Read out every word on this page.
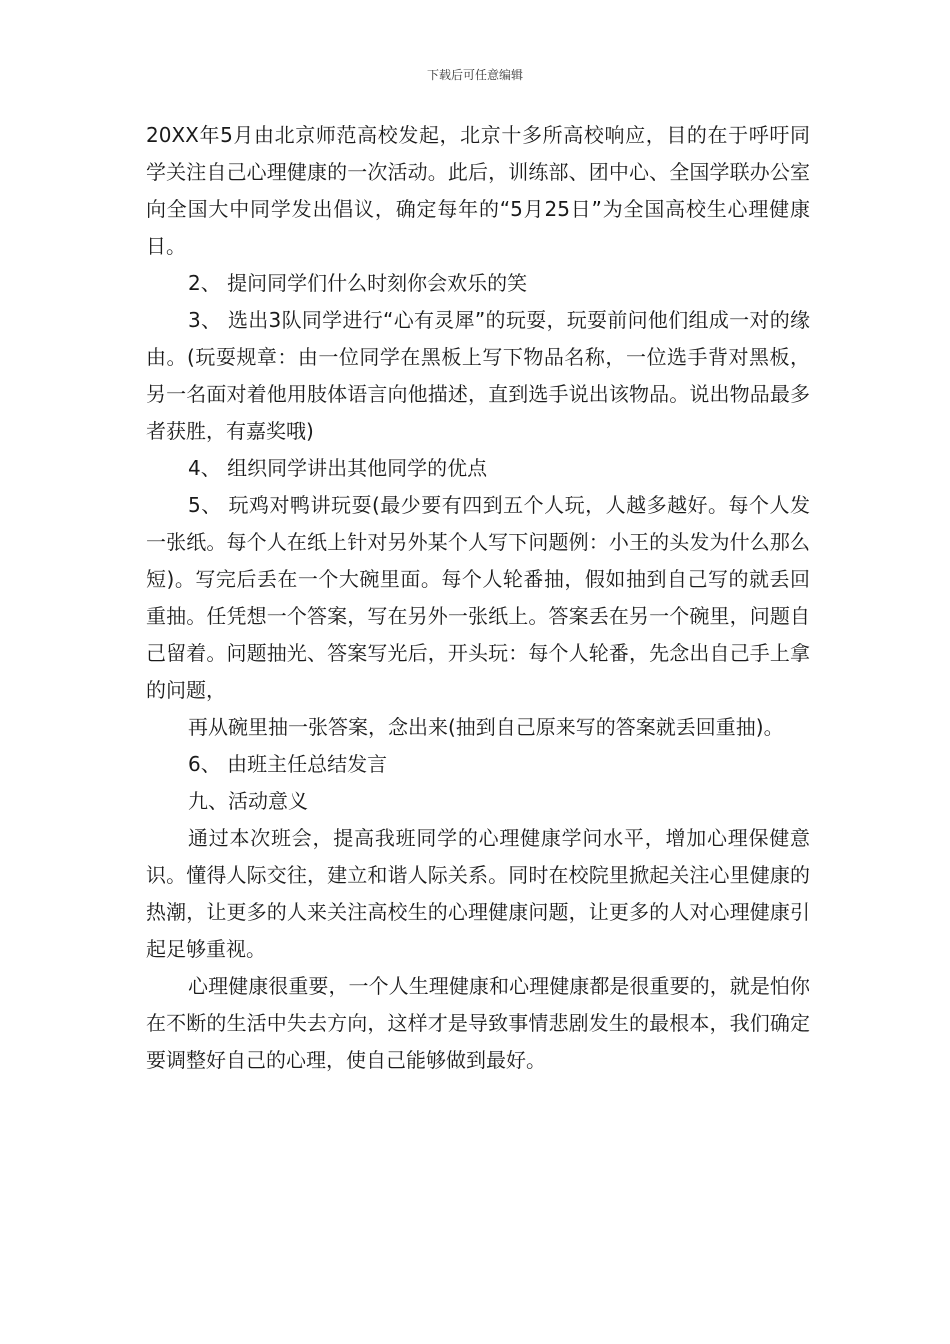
下载后可任意编辑

20XX年5月由北京师范高校发起，北京十多所高校响应，目的在于呼吁同学关注自己心理健康的一次活动。此后，训练部、团中心、全国学联办公室向全国大中同学发出倡议，确定每年的“5月25日”为全国高校生心理健康日。

2、 提问同学们什么时刻你会欢乐的笑

3、 选出3队同学进行“心有灵犀”的玩耍，玩耍前问他们组成一对的缘由。(玩耍规章：由一位同学在黑板上写下物品名称，一位选手背对黑板，另一名面对着他用肢体语言向他描述，直到选手说出该物品。说出物品最多者获胜，有嘉奖哦)

4、 组织同学讲出其他同学的优点

5、 玩鸡对鸭讲玩耍(最少要有四到五个人玩，人越多越好。每个人发一张纸。每个人在纸上针对另外某个人写下问题例：小王的头发为什么那么短)。写完后丢在一个大碗里面。每个人轮番抽，假如抽到自己写的就丢回重抽。任凭想一个答案，写在另外一张纸上。答案丢在另一个碗里，问题自己留着。问题抽光、答案写光后，开头玩：每个人轮番，先念出自己手上拿的问题，

再从碗里抽一张答案，念出来(抽到自己原来写的答案就丢回重抽)。

6、 由班主任总结发言

九、活动意义

通过本次班会，提高我班同学的心理健康学问水平，增加心理保健意识。懂得人际交往，建立和谐人际关系。同时在校院里掀起关注心里健康的热潮，让更多的人来关注高校生的心理健康问题，让更多的人对心理健康引起足够重视。

心理健康很重要，一个人生理健康和心理健康都是很重要的，就是怕你在不断的生活中失去方向，这样才是导致事情悲剧发生的最根本，我们确定要调整好自己的心理，使自己能够做到最好。
